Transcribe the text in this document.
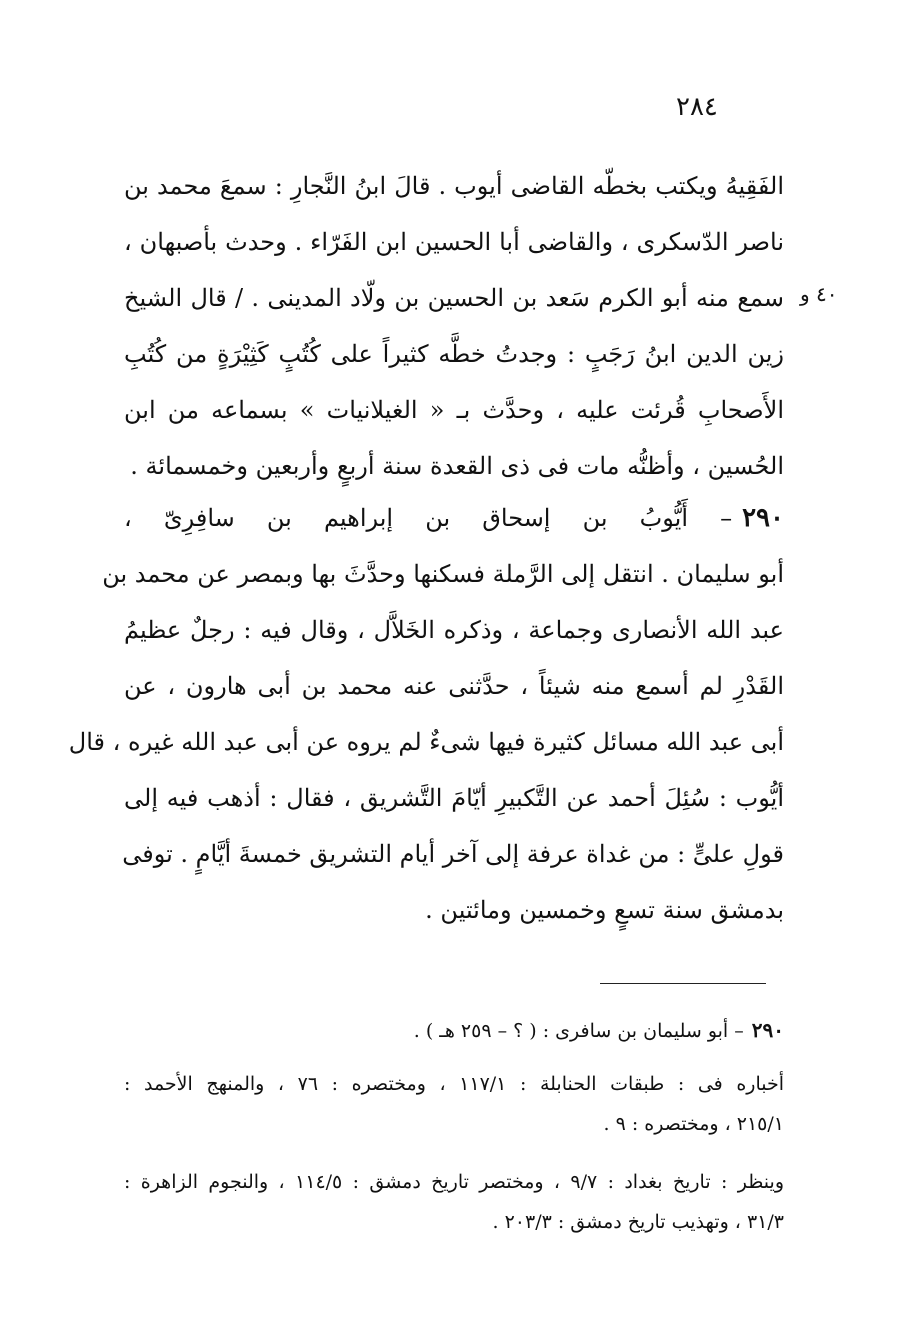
٢٨٤
٤٠ و
الفَقِيهُ ويكتب بخطّه القاضى أيوب . قالَ ابنُ النَّجارِ : سمعَ محمد بن
ناصر الدّسكرى ، والقاضى أبا الحسين ابن الفَرّاء . وحدث بأصبهان ،
سمع منه أبو الكرم سَعد بن الحسين بن ولّاد المدينى . / قال الشيخ
زين الدين ابنُ رَجَبٍ : وجدتُ خطَّه كثيراً على كُتُبٍ كَثِيْرَةٍ من كُتُبِ
الأَصحابِ قُرئت عليه ، وحدَّث بـ « الغيلانيات » بسماعه من ابن
الحُسين ، وأظنُّه مات فى ذى القعدة سنة أربعٍ وأربعين وخمسمائة .
٢٩٠– أَيُّوبُ بن إسحاق بن إبراهيم بن سافِرِىّ ،
أبو سليمان . انتقل إلى الرَّملة فسكنها وحدَّثَ بها وبمصر عن محمد بن
عبد الله الأنصارى وجماعة ، وذكره الخَلاَّل ، وقال فيه : رجلٌ عظيمُ
القَدْرِ لم أسمع منه شيئاً ، حدَّثنى عنه محمد بن أبى هارون ، عن
أبى عبد الله مسائل كثيرة فيها شىءٌ لم يروه عن أبى عبد الله غيره ، قال
أيُّوب : سُئِلَ أحمد عن التَّكبيرِ أيّامَ التَّشريق ، فقال : أذهب فيه إلى
قولِ علىٍّ : من غداة عرفة إلى آخر أيام التشريق خمسةَ أيَّامٍ . توفى
بدمشق سنة تسعٍ وخمسين ومائتين .
٢٩٠– أبو سليمان بن سافرى : ( ؟ – ٢٥٩ هـ ) .
أخباره فى : طبقات الحنابلة : ١١٧/١ ، ومختصره : ٧٦ ، والمنهج الأحمد :
٢١٥/١ ، ومختصره : ٩ .
وينظر : تاريخ بغداد : ٩/٧ ، ومختصر تاريخ دمشق : ١١٤/٥ ، والنجوم الزاهرة :
٣١/٣ ، وتهذيب تاريخ دمشق : ٢٠٣/٣ .
